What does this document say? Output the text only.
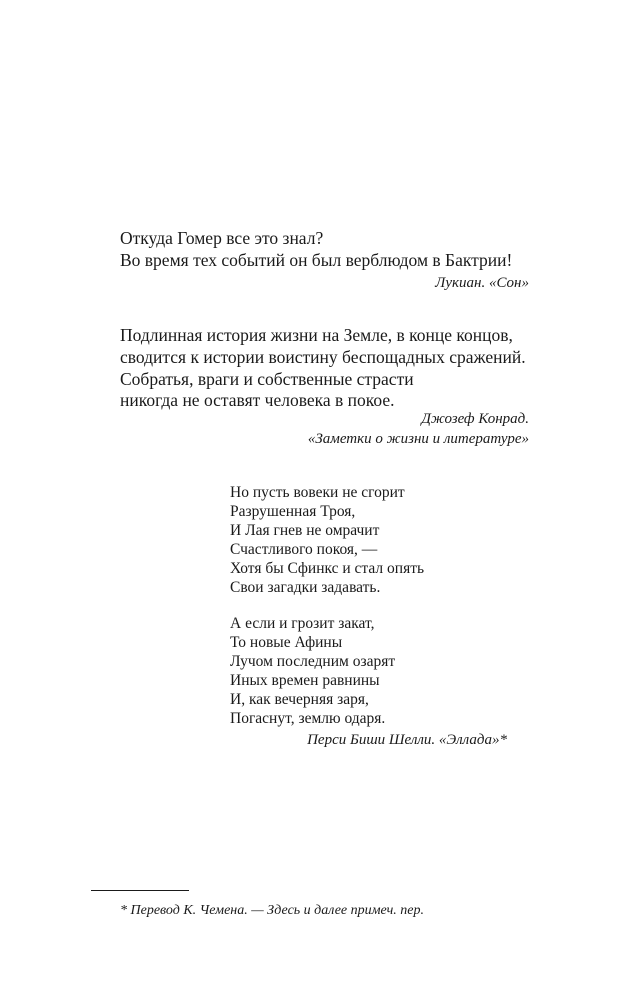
Откуда Гомер все это знал?
Во время тех событий он был верблюдом в Бактрии!
Лукиан. «Сон»
Подлинная история жизни на Земле, в конце концов,
сводится к истории воистину беспощадных сражений.
Собратья, враги и собственные страсти
никогда не оставят человека в покое.
Джозеф Конрад.
«Заметки о жизни и литературе»
Но пусть вовеки не сгорит
Разрушенная Троя,
И Лая гнев не омрачит
Счастливого покоя, —
Хотя бы Сфинкс и стал опять
Свои загадки задавать.
А если и грозит закат,
То новые Афины
Лучом последним озарят
Иных времен равнины
И, как вечерняя заря,
Погаснут, землю одаря.
Перси Биши Шелли. «Эллада»*
* Перевод К. Чемена. — Здесь и далее примеч. пер.
